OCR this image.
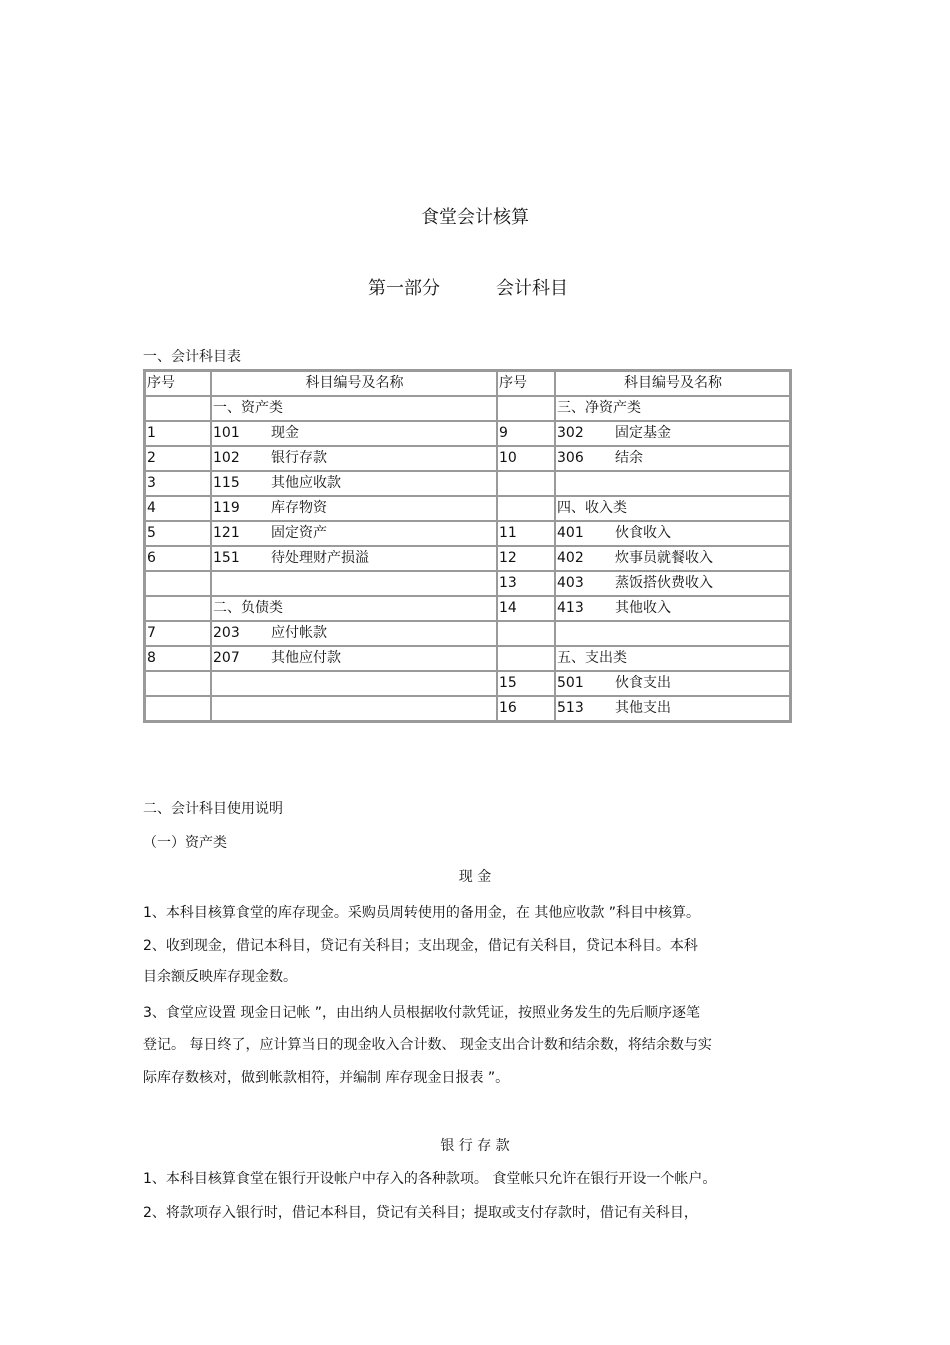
食堂会计核算
第一部分	会计科目
一、会计科目表
序号	科目编号及名称	序号	科目编号及名称
	一、资产类		三、净资产类
1	101 现金	9	302 固定基金
2	102 银行存款	10	306 结余
3	115 其他应收款		
4	119 库存物资		四、收入类
5	121 固定资产	11	401 伙食收入
6	151 待处理财产损溢	12	402 炊事员就餐收入
		13	403 蒸饭搭伙费收入
	二、负债类	14	413 其他收入
7	203 应付帐款		
8	207 其他应付款		五、支出类
		15	501 伙食支出
		16	513 其他支出
二、会计科目使用说明
（一）资产类
现 金
1、本科目核算食堂的库存现金。采购员周转使用的备用金，在 其他应收款 ”科目中核算。
2、收到现金，借记本科目，贷记有关科目；支出现金，借记有关科目，贷记本科目。本科
目余额反映库存现金数。
3、食堂应设置 现金日记帐 ”，由出纳人员根据收付款凭证，按照业务发生的先后顺序逐笔
登记。 每日终了，应计算当日的现金收入合计数、 现金支出合计数和结余数，将结余数与实
际库存数核对，做到帐款相符，并编制 库存现金日报表 ”。
银 行 存 款
1、本科目核算食堂在银行开设帐户中存入的各种款项。 食堂帐只允许在银行开设一个帐户。
2、将款项存入银行时，借记本科目，贷记有关科目；提取或支付存款时，借记有关科目，
